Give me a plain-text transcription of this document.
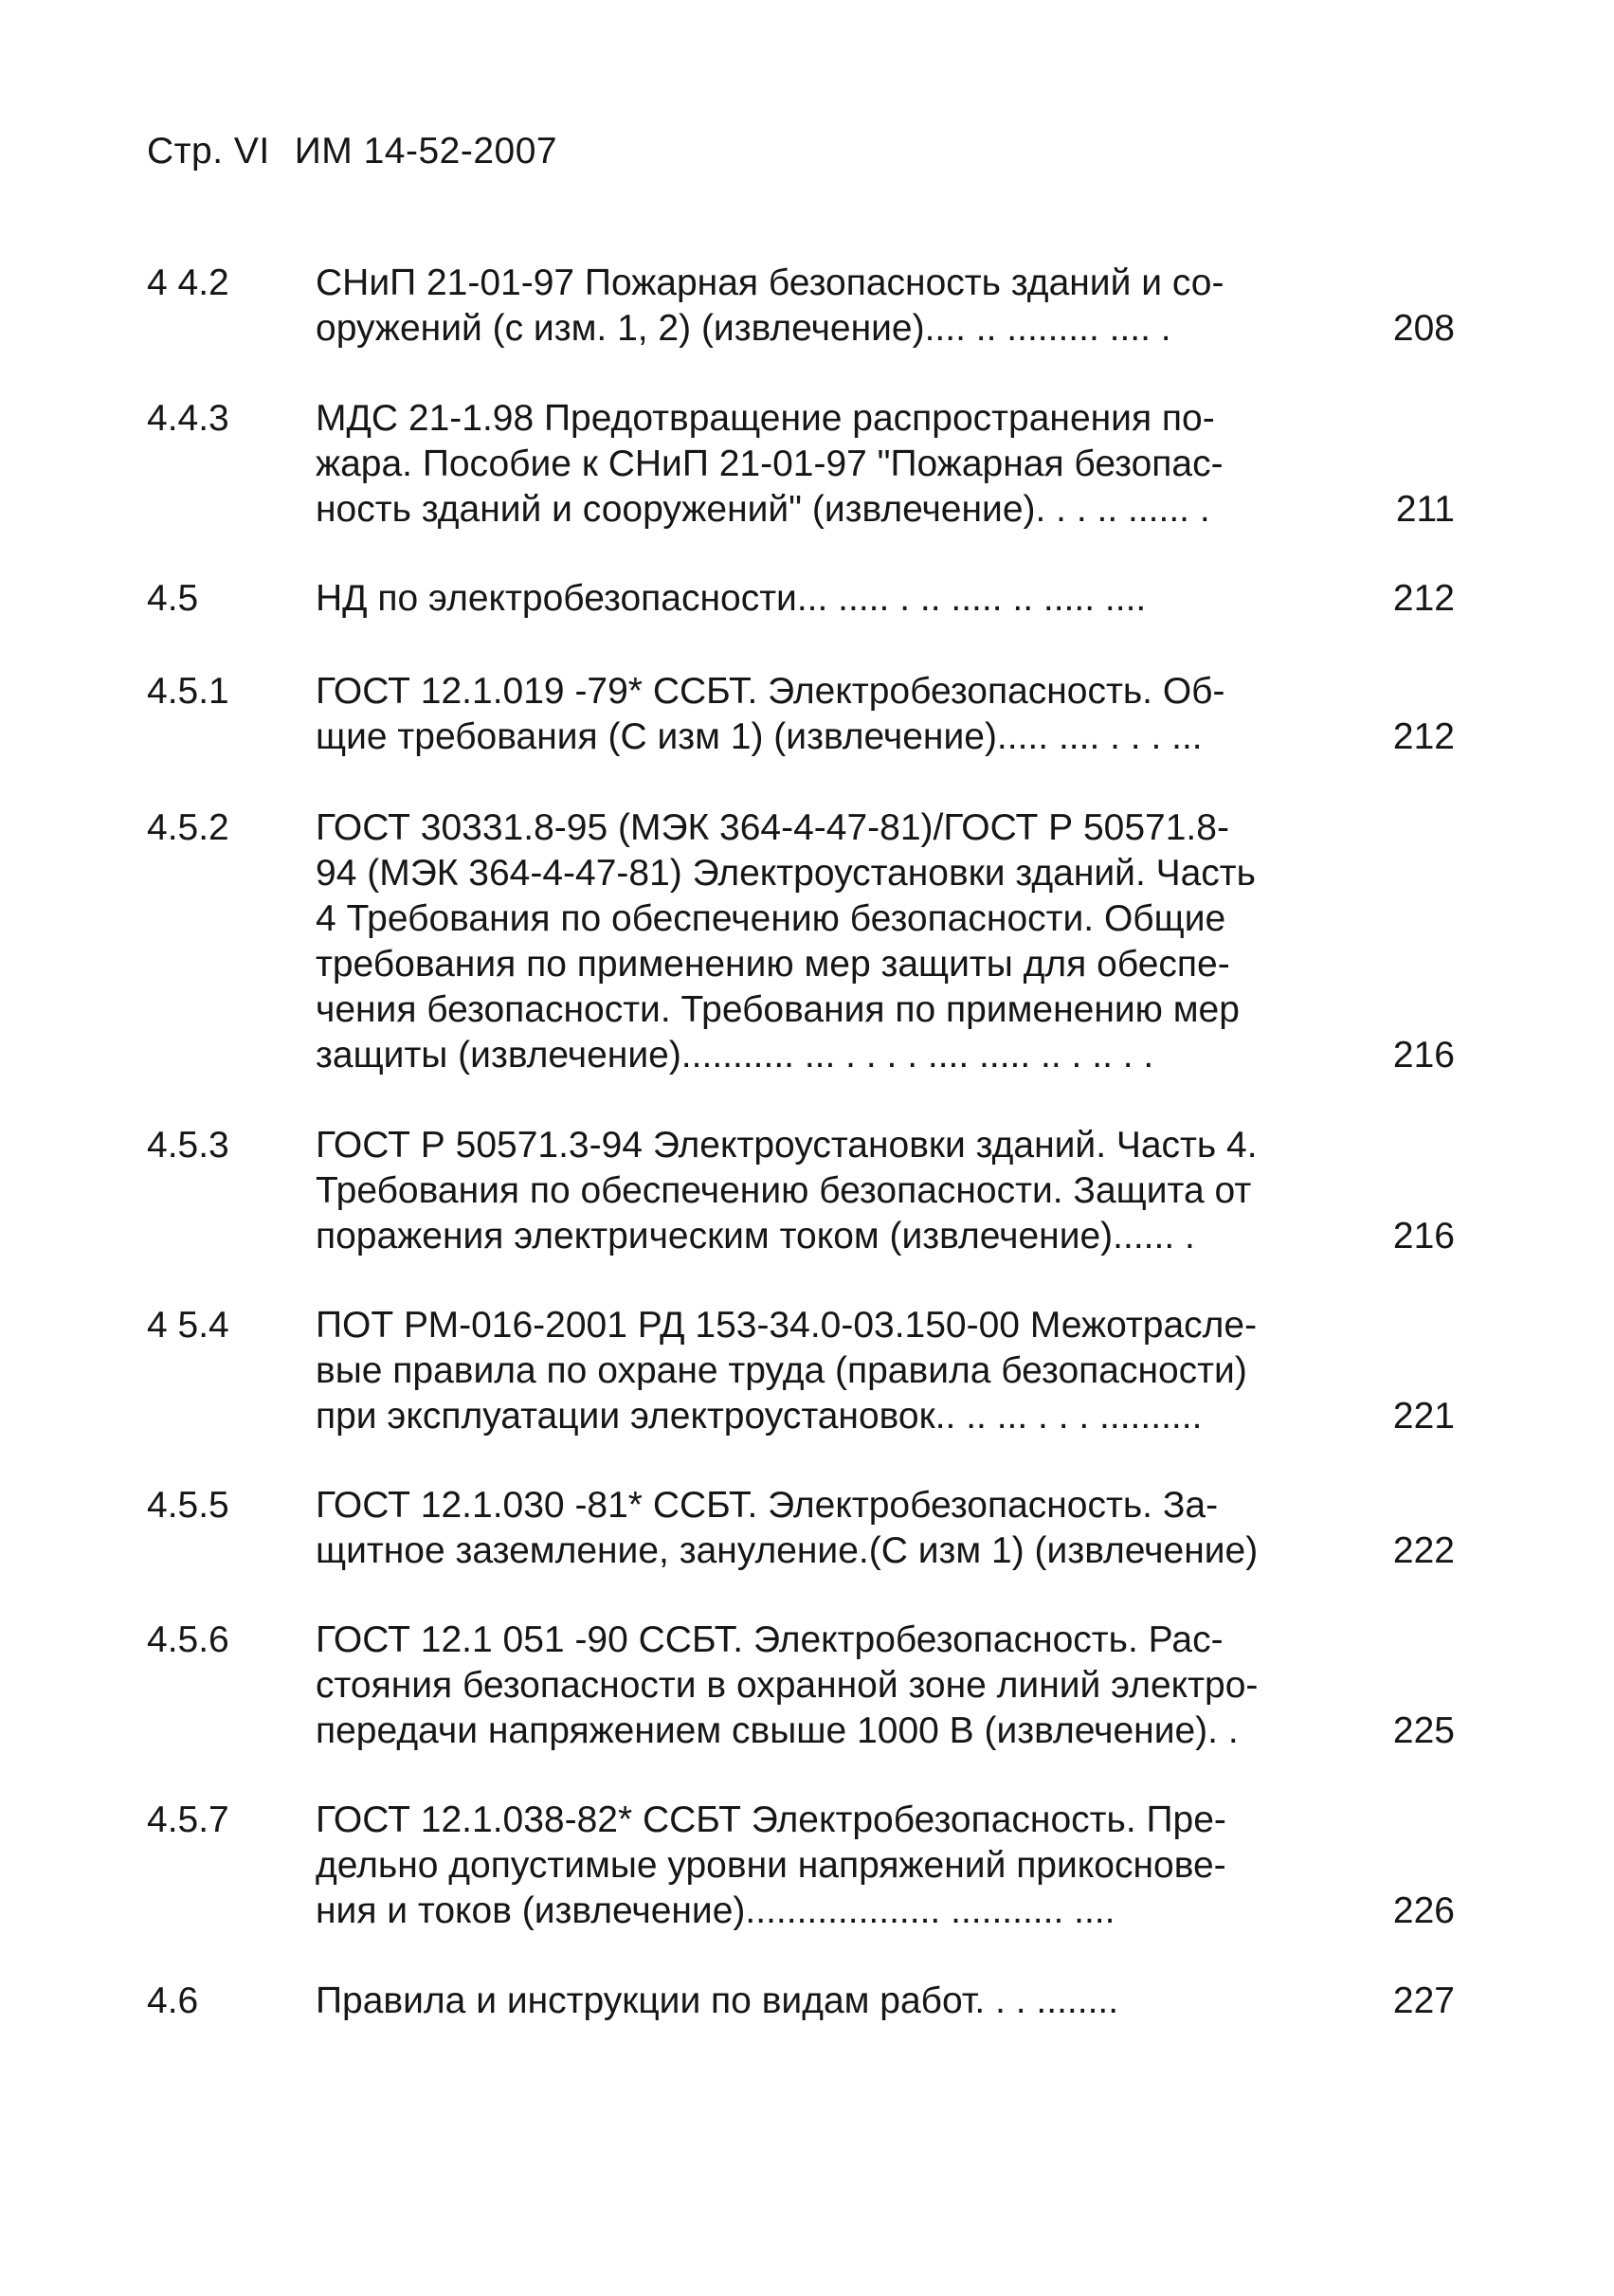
Стр. VI ИМ 14-52-2007
4 4.2 СНиП 21-01-97 Пожарная безопасность зданий и со-
оружений (с изм. 1, 2) (извлечение).... .. ......... .... .	208
4.4.3 МДС 21-1.98 Предотвращение распространения по-
жара. Пособие к СНиП 21-01-97 "Пожарная безопас-
ность зданий и сооружений" (извлечение). . . .. ...... .	211
4.5	НД по электробезопасности... ..... . .. ..... .. ..... ....	212
4.5.1 ГОСТ 12.1.019 -79* ССБТ. Электробезопасность. Об-
щие требования (С изм 1) (извлечение)..... .... . . . ...	212
4.5.2 ГОСТ 30331.8-95 (МЭК 364-4-47-81)/ГОСТ Р 50571.8-
94 (МЭК 364-4-47-81) Электроустановки зданий. Часть
4 Требования по обеспечению безопасности. Общие
требования по применению мер защиты для обеспе-
чения безопасности. Требования по применению мер
защиты (извлечение)........... ... . . . . .... ..... .. . .. . .	216
4.5.3 ГОСТ Р 50571.3-94 Электроустановки зданий. Часть 4.
Требования по обеспечению безопасности. Защита от
поражения электрическим током (извлечение)...... .	216
4 5.4 ПОТ РМ-016-2001 РД 153-34.0-03.150-00 Межотрасле-
вые правила по охране труда (правила безопасности)
при эксплуатации электроустановок.. .. ... . . . ..........	221
4.5.5 ГОСТ 12.1.030 -81* ССБТ. Электробезопасность. За-
щитное заземление, зануление.(С изм 1) (извлечение)	222
4.5.6 ГОСТ 12.1 051 -90 ССБТ. Электробезопасность. Рас-
стояния безопасности в охранной зоне линий электро-
передачи напряжением свыше 1000 В (извлечение). .	225
4.5.7 ГОСТ 12.1.038-82* ССБТ Электробезопасность. Пре-
дельно допустимые уровни напряжений прикоснове-
ния и токов (извлечение)................... ........... ....	226
4.6	Правила и инструкции по видам работ. . . ........	227
